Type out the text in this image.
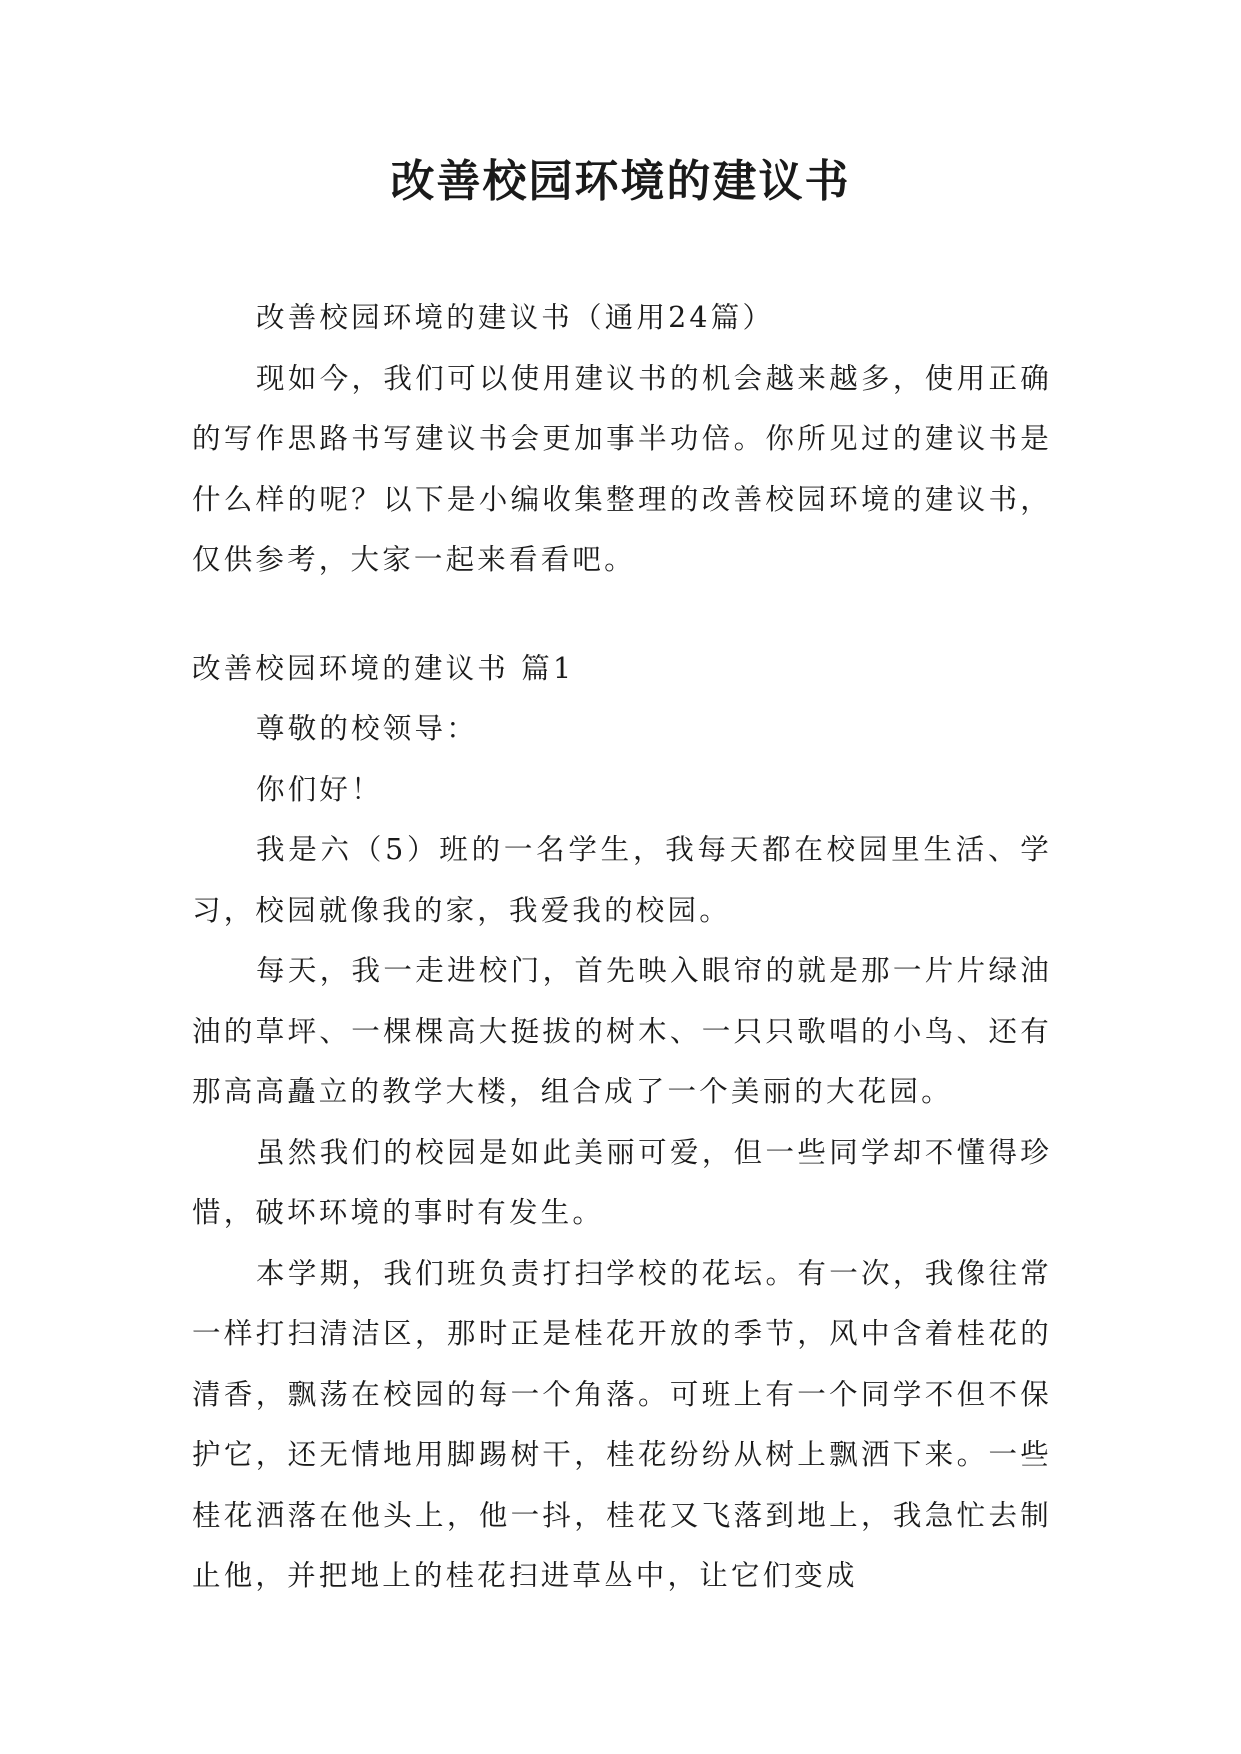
改善校园环境的建议书

改善校园环境的建议书（通用24篇）

现如今，我们可以使用建议书的机会越来越多，使用正确的写作思路书写建议书会更加事半功倍。你所见过的建议书是什么样的呢？以下是小编收集整理的改善校园环境的建议书，仅供参考，大家一起来看看吧。

改善校园环境的建议书 篇1

尊敬的校领导：

你们好！

我是六（5）班的一名学生，我每天都在校园里生活、学习，校园就像我的家，我爱我的校园。

每天，我一走进校门，首先映入眼帘的就是那一片片绿油油的草坪、一棵棵高大挺拔的树木、一只只歌唱的小鸟、还有那高高矗立的教学大楼，组合成了一个美丽的大花园。

虽然我们的校园是如此美丽可爱，但一些同学却不懂得珍惜，破坏环境的事时有发生。

本学期，我们班负责打扫学校的花坛。有一次，我像往常一样打扫清洁区，那时正是桂花开放的季节，风中含着桂花的清香，飘荡在校园的每一个角落。可班上有一个同学不但不保护它，还无情地用脚踢树干，桂花纷纷从树上飘洒下来。一些桂花洒落在他头上，他一抖，桂花又飞落到地上，我急忙去制止他，并把地上的桂花扫进草丛中，让它们变成
